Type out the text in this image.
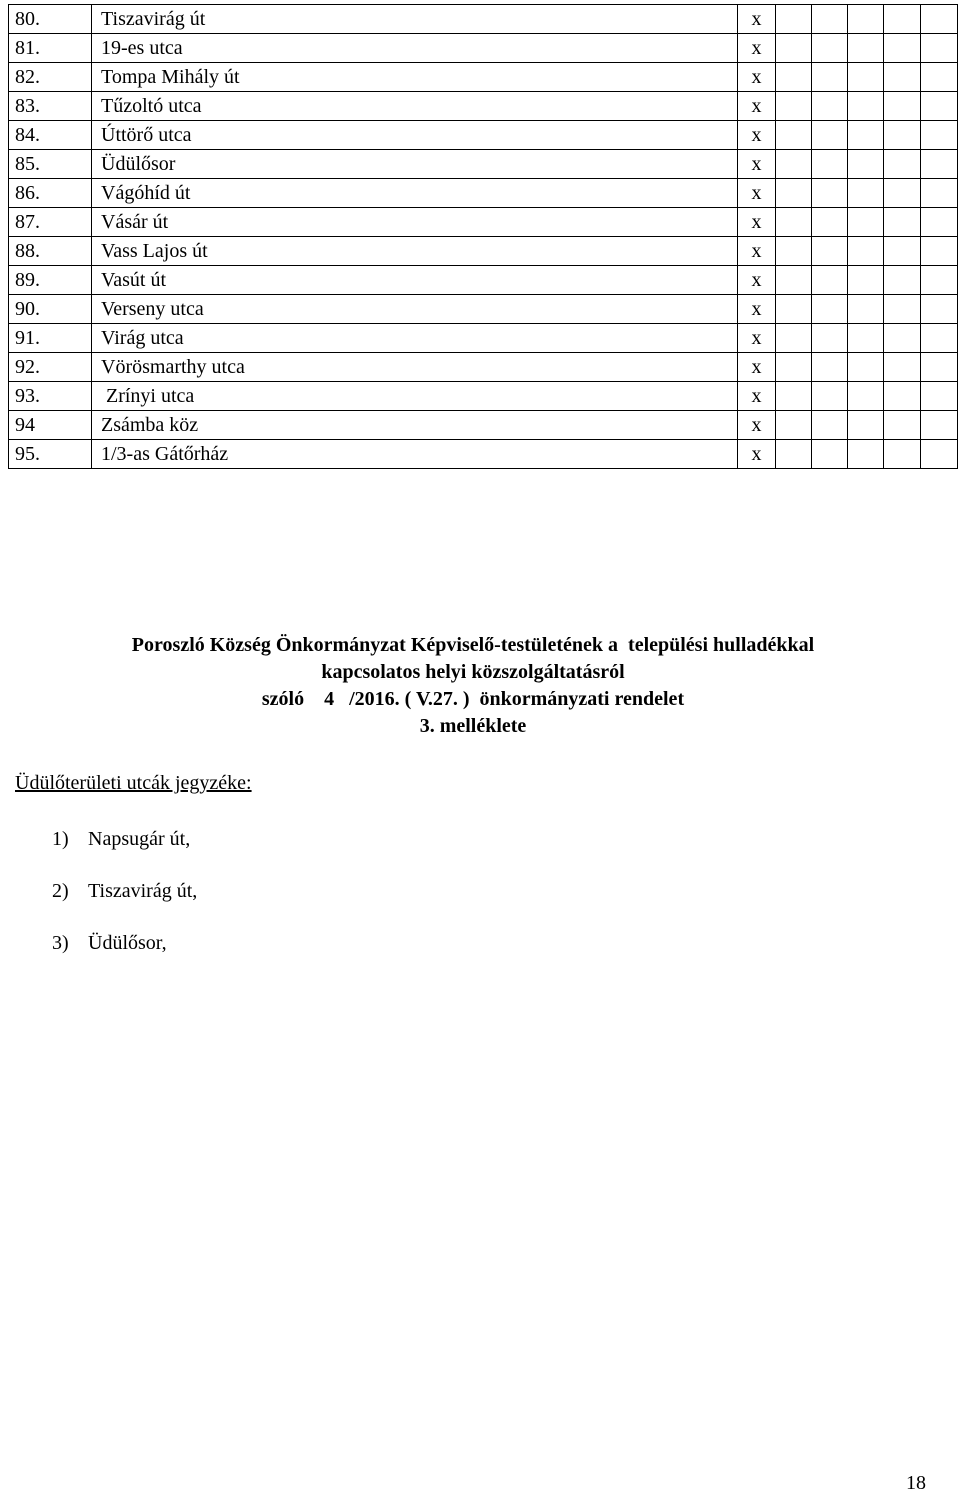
80.	Tiszavirág út	x					
81.	19-es utca	x					
82.	Tompa Mihály út	x					
83.	Tűzoltó utca	x					
84.	Úttörő utca	x					
85.	Üdülősor	x					
86.	Vágóhíd út	x					
87.	Vásár út	x					
88.	Vass Lajos út	x					
89.	Vasút út	x					
90.	Verseny utca	x					
91.	Virág utca	x					
92.	Vörösmarthy utca	x					
93.	Zrínyi utca	x					
94	Zsámba köz	x					
95.	1/3-as Gátőrház	x					
Poroszló Község Önkormányzat Képviselő-testületének a  települési hulladékkal
kapcsolatos helyi közszolgáltatásról
szóló    4   /2016. ( V.27. )  önkormányzati rendelet
3. melléklete
Üdülőterületi utcák jegyzéke:
1) Napsugár út,
2) Tiszavirág út,
3) Üdülősor,
18
